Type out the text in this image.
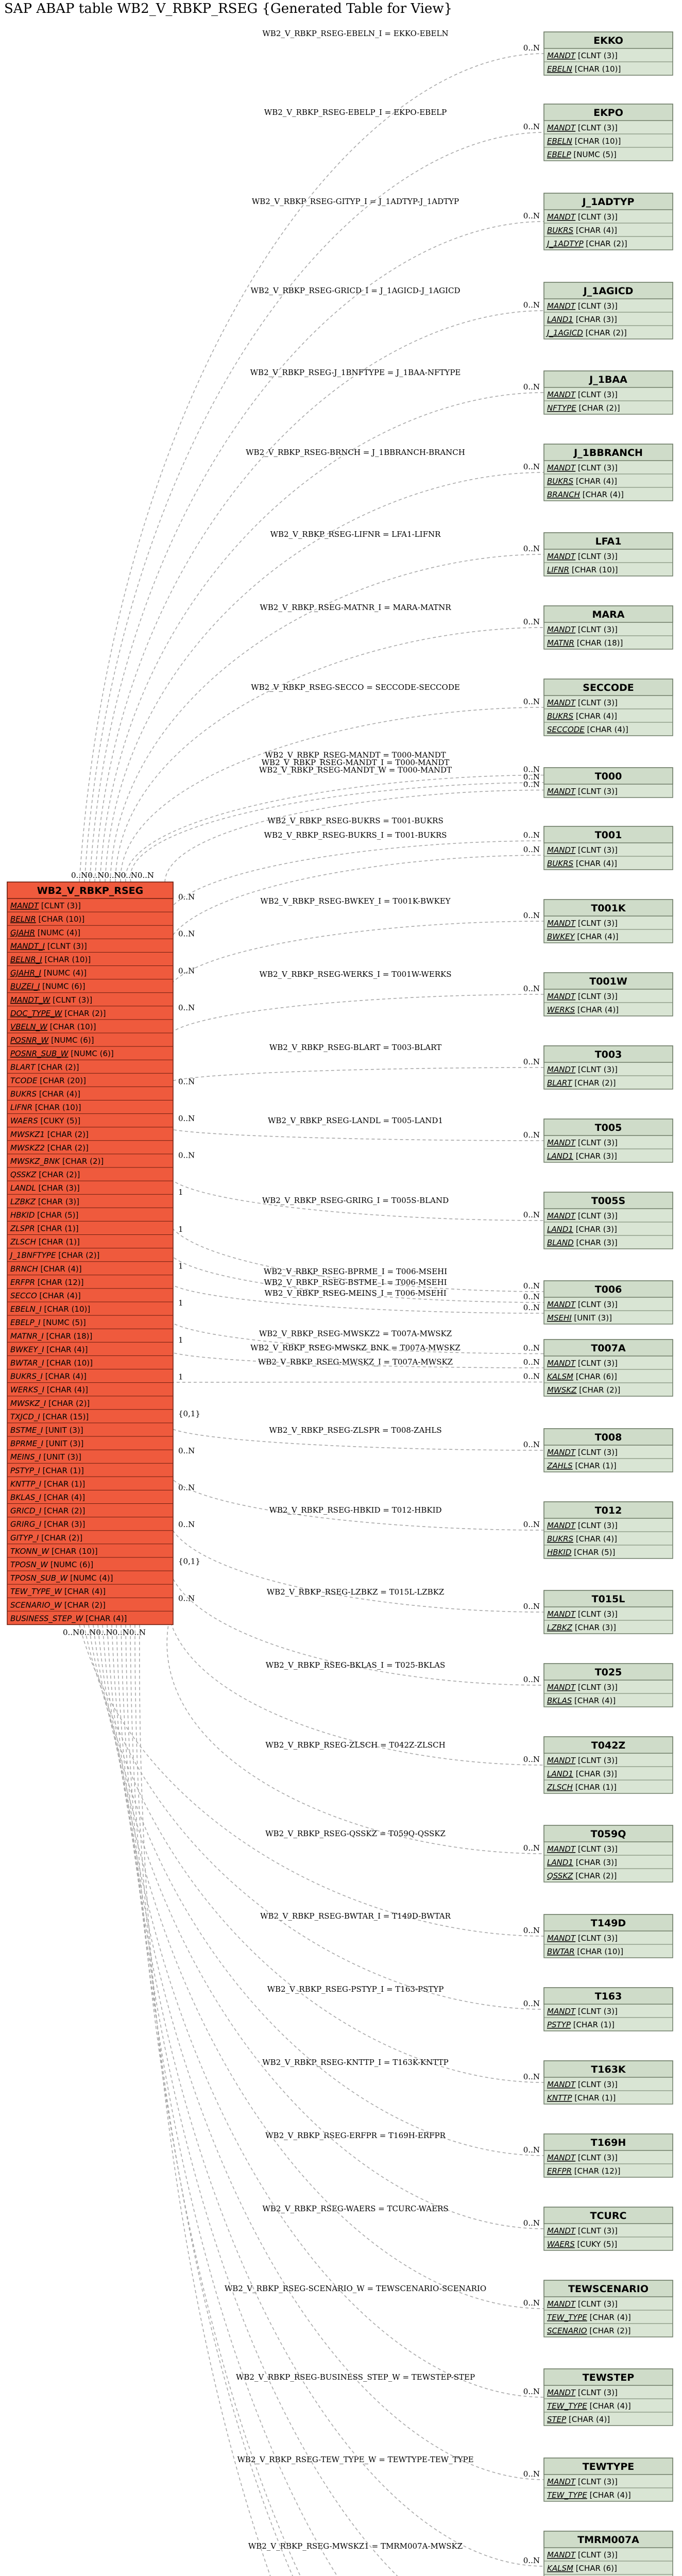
SAP ABAP table WB2_V_RBKP_RSEG {Generated Table for View}
WB2_V_RBKP_RSEG-EBELN_I = EKKO-EBELN
0..N
WB2_V_RBKP_RSEG-EBELP_I = EKPO-EBELP
0..N
WB2_V_RBKP_RSEG-GITYP_I = J_1ADTYP-J_1ADTYP
0..N
WB2_V_RBKP_RSEG-GRICD_I = J_1AGICD-J_1AGICD
0..N
WB2_V_RBKP_RSEG-J_1BNFTYPE = J_1BAA-NFTYPE
0..N
WB2_V_RBKP_RSEG-BRNCH = J_1BBRANCH-BRANCH
0..N
WB2_V_RBKP_RSEG-LIFNR = LFA1-LIFNR
0..N
WB2_V_RBKP_RSEG-MATNR_I = MARA-MATNR
0..N
WB2_V_RBKP_RSEG-SECCO = SECCODE-SECCODE
0..N
WB2_V_RBKP_RSEG-MANDT = T000-MANDT
0..N
WB2_V_RBKP_RSEG-MANDT_I = T000-MANDT
0..N
WB2_V_RBKP_RSEG-MANDT_W = T000-MANDT
0..N
0..N
WB2_V_RBKP_RSEG-BUKRS = T001-BUKRS
0..N
0..N
WB2_V_RBKP_RSEG-BUKRS_I = T001-BUKRS
0..N
0..N
WB2_V_RBKP_RSEG-BWKEY_I = T001K-BWKEY
0..N
0..N
WB2_V_RBKP_RSEG-WERKS_I = T001W-WERKS
0..N
WB2_V_RBKP_RSEG-BLART = T003-BLART
0..N
0..N
WB2_V_RBKP_RSEG-LANDL = T005-LAND1
0..N
0..N
WB2_V_RBKP_RSEG-GRIRG_I = T005S-BLAND
0..N
0..N
WB2_V_RBKP_RSEG-BPRME_I = T006-MSEHI
0..N
1
WB2_V_RBKP_RSEG-BSTME_I = T006-MSEHI
0..N
1
WB2_V_RBKP_RSEG-MEINS_I = T006-MSEHI
0..N
1
WB2_V_RBKP_RSEG-MWSKZ2 = T007A-MWSKZ
0..N
1
WB2_V_RBKP_RSEG-MWSKZ_BNK = T007A-MWSKZ
0..N
1
WB2_V_RBKP_RSEG-MWSKZ_I = T007A-MWSKZ
0..N
1
WB2_V_RBKP_RSEG-ZLSPR = T008-ZAHLS
0..N
{0,1}
WB2_V_RBKP_RSEG-HBKID = T012-HBKID
0..N
0..N
WB2_V_RBKP_RSEG-LZBKZ = T015L-LZBKZ
0..N
0..N
WB2_V_RBKP_RSEG-BKLAS_I = T025-BKLAS
0..N
0..N
WB2_V_RBKP_RSEG-ZLSCH = T042Z-ZLSCH
0..N
{0,1}
WB2_V_RBKP_RSEG-QSSKZ = T059Q-QSSKZ
0..N
0..N
WB2_V_RBKP_RSEG-BWTAR_I = T149D-BWTAR
0..N
WB2_V_RBKP_RSEG-PSTYP_I = T163-PSTYP
0..N
WB2_V_RBKP_RSEG-KNTTP_I = T163K-KNTTP
0..N
WB2_V_RBKP_RSEG-ERFPR = T169H-ERFPR
0..N
WB2_V_RBKP_RSEG-WAERS = TCURC-WAERS
0..N
WB2_V_RBKP_RSEG-SCENARIO_W = TEWSCENARIO-SCENARIO
0..N
WB2_V_RBKP_RSEG-BUSINESS_STEP_W = TEWSTEP-STEP
0..N
WB2_V_RBKP_RSEG-TEW_TYPE_W = TEWTYPE-TEW_TYPE
0..N
WB2_V_RBKP_RSEG-MWSKZ1 = TMRM007A-MWSKZ
0..N
0..N0..N0..N0..N0..N
0..N0..N0..N0..N0..N
WB2_V_RBKP_RSEG
MANDT [CLNT (3)]
BELNR [CHAR (10)]
GJAHR [NUMC (4)]
MANDT_I [CLNT (3)]
BELNR_I [CHAR (10)]
GJAHR_I [NUMC (4)]
BUZEI_I [NUMC (6)]
MANDT_W [CLNT (3)]
DOC_TYPE_W [CHAR (2)]
VBELN_W [CHAR (10)]
POSNR_W [NUMC (6)]
POSNR_SUB_W [NUMC (6)]
BLART [CHAR (2)]
TCODE [CHAR (20)]
BUKRS [CHAR (4)]
LIFNR [CHAR (10)]
WAERS [CUKY (5)]
MWSKZ1 [CHAR (2)]
MWSKZ2 [CHAR (2)]
MWSKZ_BNK [CHAR (2)]
QSSKZ [CHAR (2)]
LANDL [CHAR (3)]
LZBKZ [CHAR (3)]
HBKID [CHAR (5)]
ZLSPR [CHAR (1)]
ZLSCH [CHAR (1)]
J_1BNFTYPE [CHAR (2)]
BRNCH [CHAR (4)]
ERFPR [CHAR (12)]
SECCO [CHAR (4)]
EBELN_I [CHAR (10)]
EBELP_I [NUMC (5)]
MATNR_I [CHAR (18)]
BWKEY_I [CHAR (4)]
BWTAR_I [CHAR (10)]
BUKRS_I [CHAR (4)]
WERKS_I [CHAR (4)]
MWSKZ_I [CHAR (2)]
TXJCD_I [CHAR (15)]
BSTME_I [UNIT (3)]
BPRME_I [UNIT (3)]
MEINS_I [UNIT (3)]
PSTYP_I [CHAR (1)]
KNTTP_I [CHAR (1)]
BKLAS_I [CHAR (4)]
GRICD_I [CHAR (2)]
GRIRG_I [CHAR (3)]
GITYP_I [CHAR (2)]
TKONN_W [CHAR (10)]
TPOSN_W [NUMC (6)]
TPOSN_SUB_W [NUMC (4)]
TEW_TYPE_W [CHAR (4)]
SCENARIO_W [CHAR (2)]
BUSINESS_STEP_W [CHAR (4)]
EKKO
MANDT [CLNT (3)]
EBELN [CHAR (10)]
EKPO
MANDT [CLNT (3)]
EBELN [CHAR (10)]
EBELP [NUMC (5)]
J_1ADTYP
MANDT [CLNT (3)]
BUKRS [CHAR (4)]
J_1ADTYP [CHAR (2)]
J_1AGICD
MANDT [CLNT (3)]
LAND1 [CHAR (3)]
J_1AGICD [CHAR (2)]
J_1BAA
MANDT [CLNT (3)]
NFTYPE [CHAR (2)]
J_1BBRANCH
MANDT [CLNT (3)]
BUKRS [CHAR (4)]
BRANCH [CHAR (4)]
LFA1
MANDT [CLNT (3)]
LIFNR [CHAR (10)]
MARA
MANDT [CLNT (3)]
MATNR [CHAR (18)]
SECCODE
MANDT [CLNT (3)]
BUKRS [CHAR (4)]
SECCODE [CHAR (4)]
T000
MANDT [CLNT (3)]
T001
MANDT [CLNT (3)]
BUKRS [CHAR (4)]
T001K
MANDT [CLNT (3)]
BWKEY [CHAR (4)]
T001W
MANDT [CLNT (3)]
WERKS [CHAR (4)]
T003
MANDT [CLNT (3)]
BLART [CHAR (2)]
T005
MANDT [CLNT (3)]
LAND1 [CHAR (3)]
T005S
MANDT [CLNT (3)]
LAND1 [CHAR (3)]
BLAND [CHAR (3)]
T006
MANDT [CLNT (3)]
MSEHI [UNIT (3)]
T007A
MANDT [CLNT (3)]
KALSM [CHAR (6)]
MWSKZ [CHAR (2)]
T008
MANDT [CLNT (3)]
ZAHLS [CHAR (1)]
T012
MANDT [CLNT (3)]
BUKRS [CHAR (4)]
HBKID [CHAR (5)]
T015L
MANDT [CLNT (3)]
LZBKZ [CHAR (3)]
T025
MANDT [CLNT (3)]
BKLAS [CHAR (4)]
T042Z
MANDT [CLNT (3)]
LAND1 [CHAR (3)]
ZLSCH [CHAR (1)]
T059Q
MANDT [CLNT (3)]
LAND1 [CHAR (3)]
QSSKZ [CHAR (2)]
T149D
MANDT [CLNT (3)]
BWTAR [CHAR (10)]
T163
MANDT [CLNT (3)]
PSTYP [CHAR (1)]
T163K
MANDT [CLNT (3)]
KNTTP [CHAR (1)]
T169H
MANDT [CLNT (3)]
ERFPR [CHAR (12)]
TCURC
MANDT [CLNT (3)]
WAERS [CUKY (5)]
TEWSCENARIO
MANDT [CLNT (3)]
TEW_TYPE [CHAR (4)]
SCENARIO [CHAR (2)]
TEWSTEP
MANDT [CLNT (3)]
TEW_TYPE [CHAR (4)]
STEP [CHAR (4)]
TEWTYPE
MANDT [CLNT (3)]
TEW_TYPE [CHAR (4)]
TMRM007A
MANDT [CLNT (3)]
KALSM [CHAR (6)]
